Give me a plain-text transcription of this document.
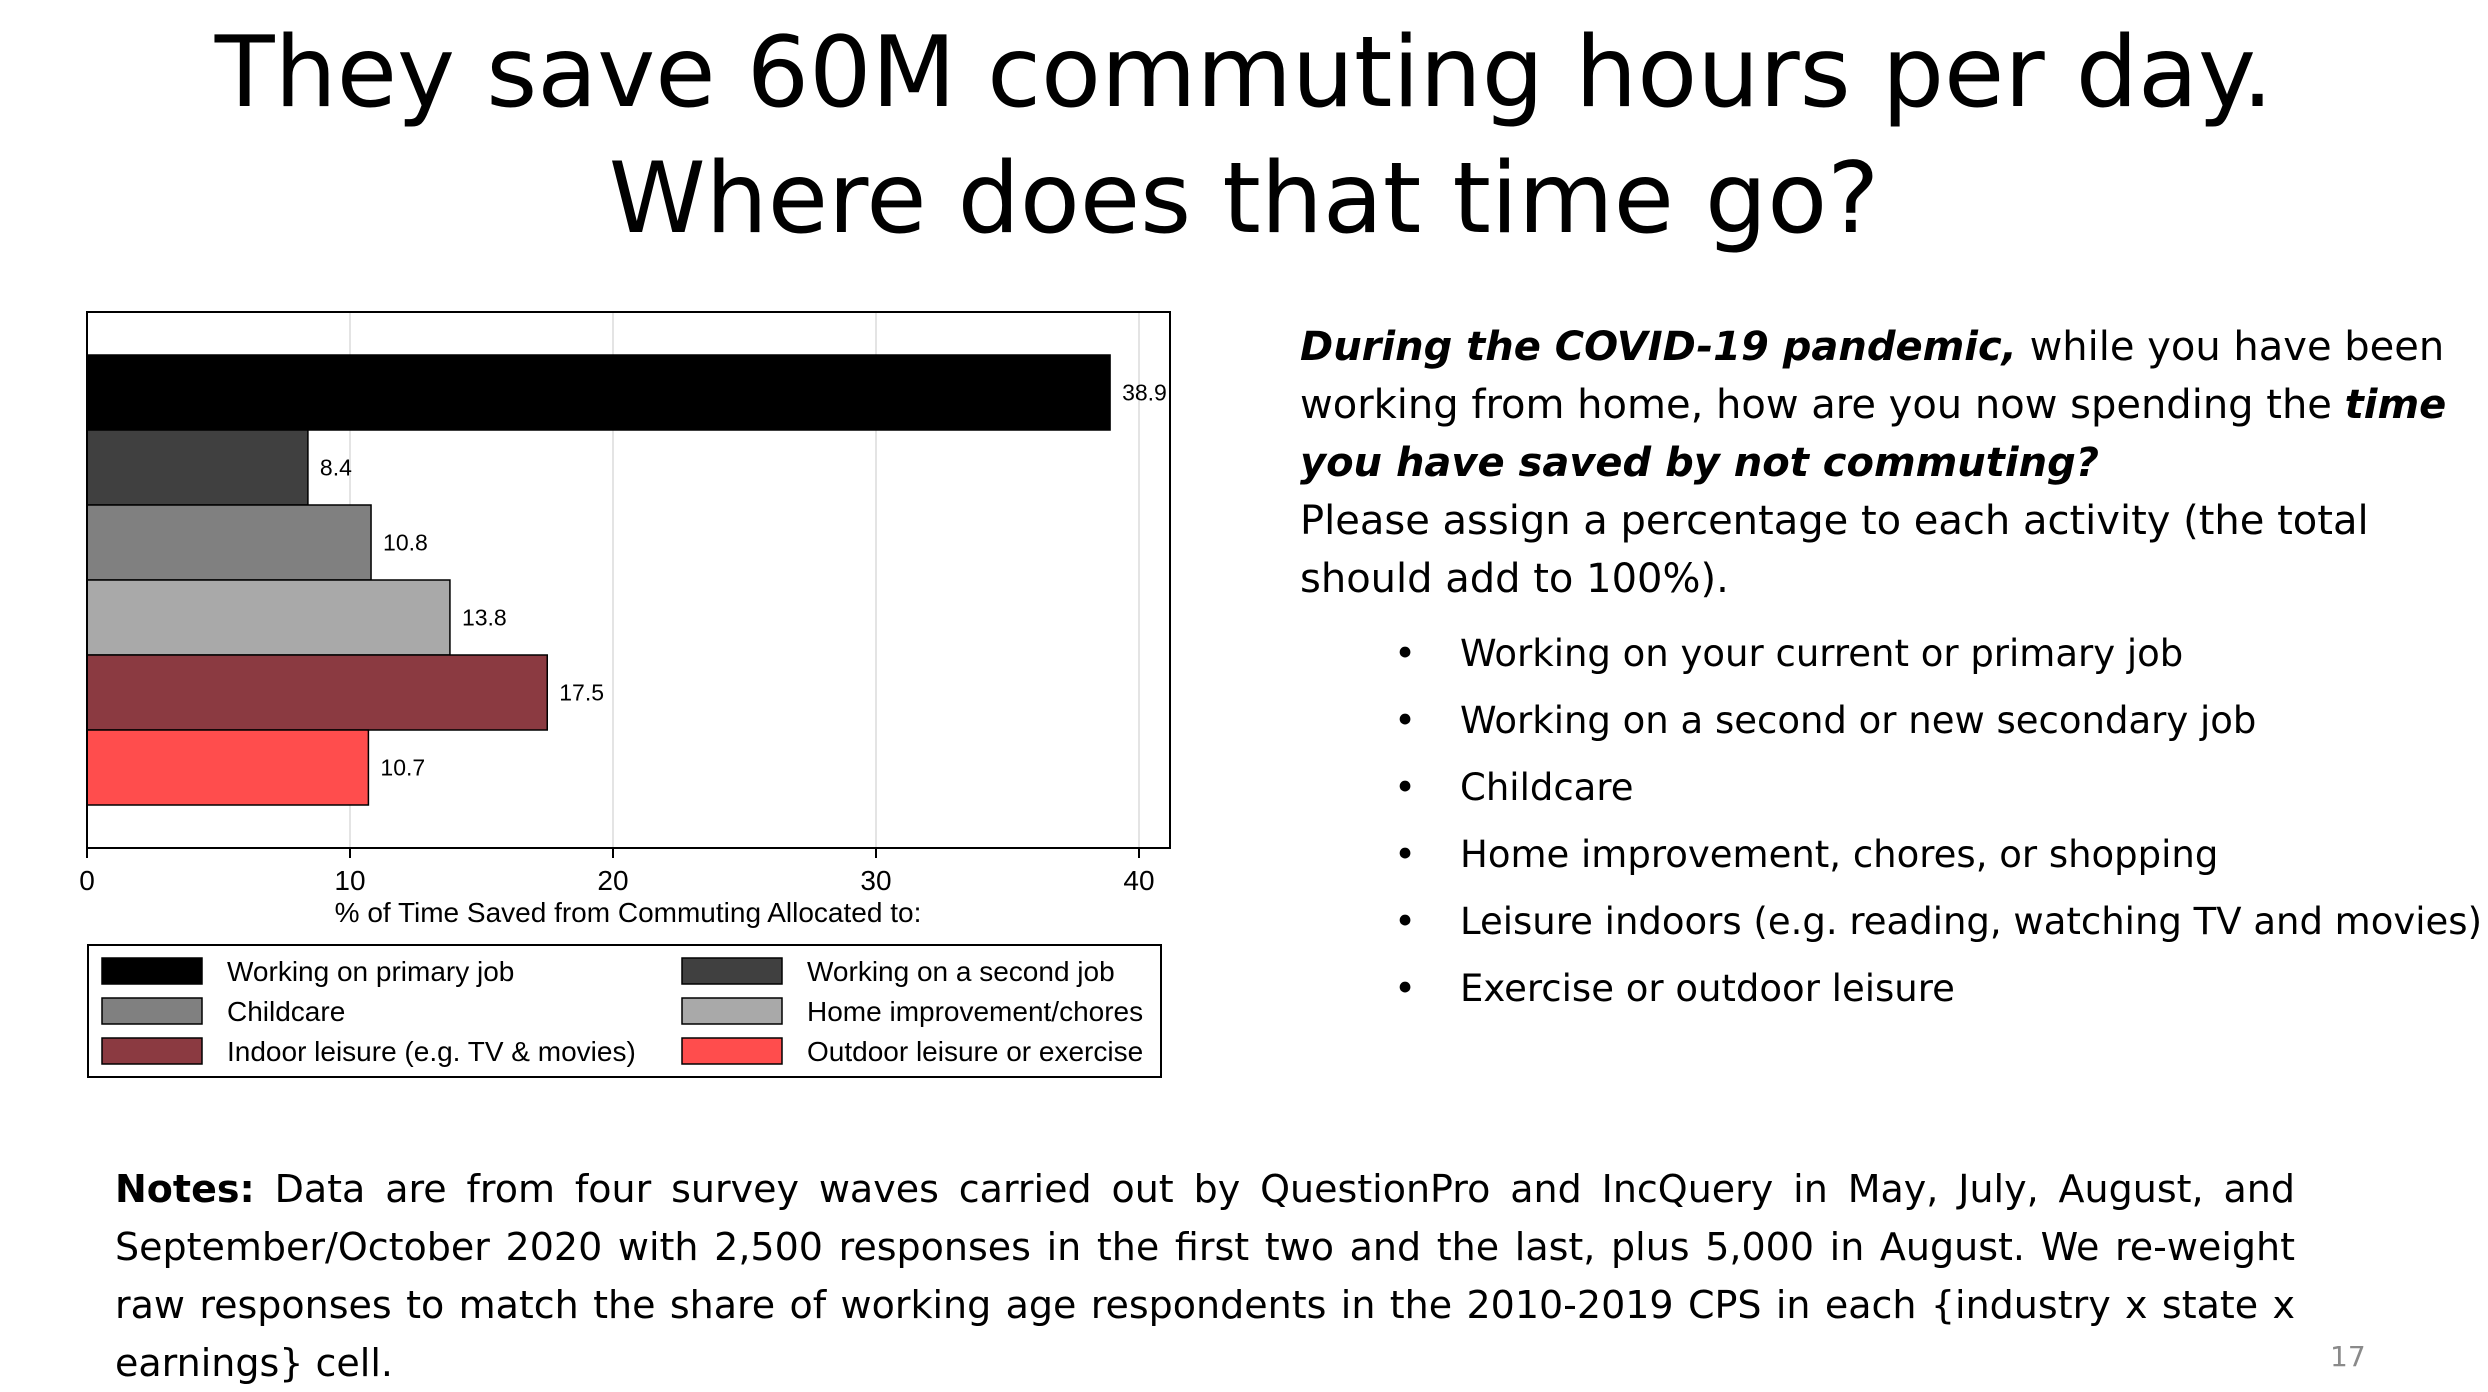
They save 60M commuting hours per day.
Where does that time go?
38.9
8.4
10.8
13.8
17.5
10.7
0	10	20	30	40
% of Time Saved from Commuting Allocated to:
Working on primary job	Working on a second job
Childcare	Home improvement/chores
Indoor leisure (e.g. TV & movies)	Outdoor leisure or exercise
During the COVID-19 pandemic, while you have been working from home, how are you now spending the time you have saved by not commuting?
Please assign a percentage to each activity (the total should add to 100%).
• Working on your current or primary job
• Working on a second or new secondary job
• Childcare
• Home improvement, chores, or shopping
• Leisure indoors (e.g. reading, watching TV and movies)
• Exercise or outdoor leisure
Notes: Data are from four survey waves carried out by QuestionPro and IncQuery in May, July, August, and September/October 2020 with 2,500 responses in the first two and the last, plus 5,000 in August. We re-weight raw responses to match the share of working age respondents in the 2010-2019 CPS in each {industry x state x earnings} cell.	17
